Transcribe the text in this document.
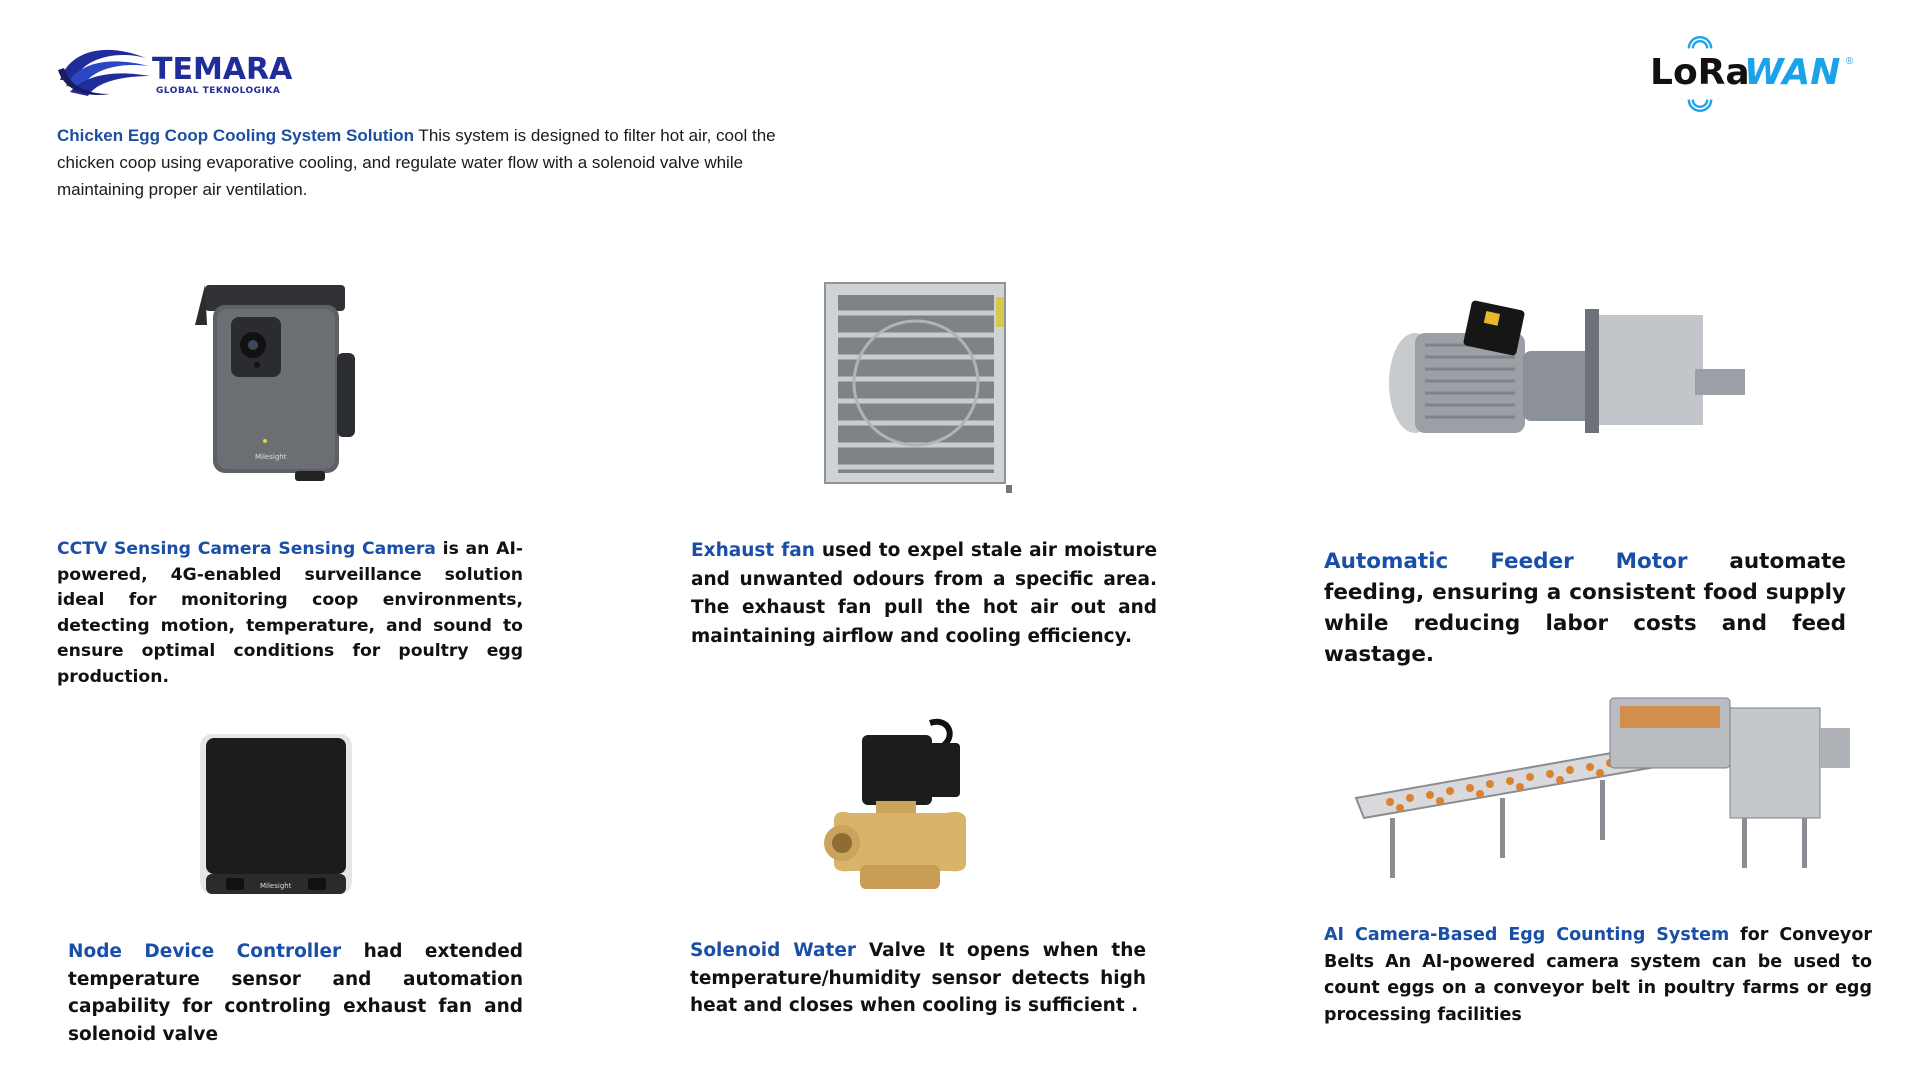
TEMARA
GLOBAL TEKNOLOGIKA	LoRa
WAN ®
Chicken Egg Coop Cooling System Solution This system is designed to filter hot air, cool the chicken coop using evaporative cooling, and regulate water flow with a solenoid valve while maintaining proper air ventilation.
Milesight
Milesight
CCTV Sensing Camera Sensing Camera is an AI-powered, 4G-enabled surveillance solution ideal for monitoring coop environments, detecting motion, temperature, and sound to ensure optimal conditions for poultry egg production.
Exhaust fan used to expel stale air moisture and unwanted odours from a specific area. The exhaust fan pull the hot air out and maintaining airflow and cooling efficiency.
Automatic Feeder Motor automate feeding, ensuring a consistent food supply while reducing labor costs and feed wastage.
Node Device Controller had extended temperature sensor and automation capability for controling exhaust fan and solenoid valve
Solenoid Water Valve It opens when the temperature/humidity sensor detects high heat and closes when cooling is sufficient .
AI Camera-Based Egg Counting System for Conveyor Belts An AI-powered camera system can be used to count eggs on a conveyor belt in poultry farms or egg processing facilities
